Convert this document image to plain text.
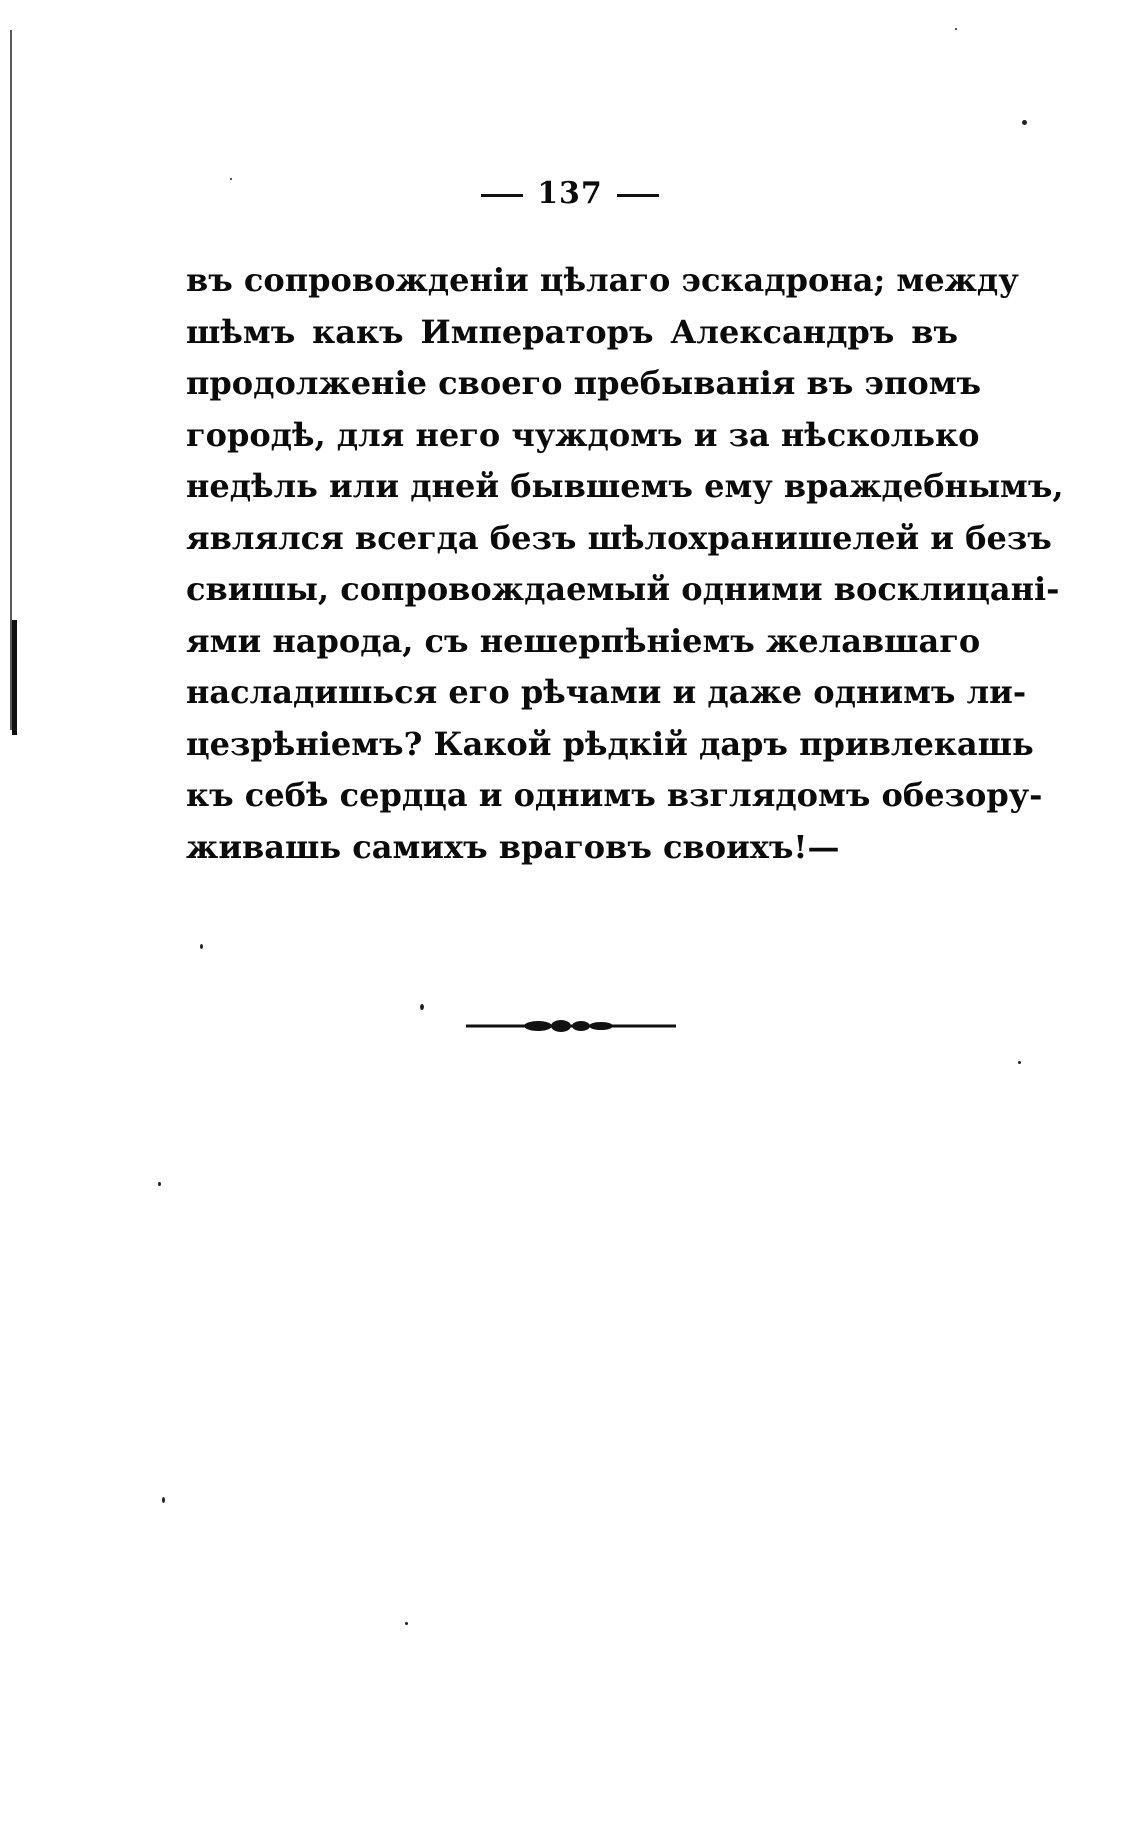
137
въ сопровожденіи цѣлаго эскадрона; между
шѣмъ какъ Императоръ Александръ въ
продолженіе своего пребыванія въ эпомъ
городѣ, для него чуждомъ и за нѣсколько
недѣль или дней бывшемъ ему враждебнымъ,
являлся всегда безъ шѣлохранишелей и безъ
свишы, сопровождаемый одними восклицані-
ями народа, съ нешерпѣніемъ желавшаго
насладишься его рѣчами и даже однимъ ли-
цезрѣніемъ? Какой рѣдкій даръ привлекашь
къ себѣ сердца и однимъ взглядомъ обезору-
живашь самихъ враговъ своихъ!—
